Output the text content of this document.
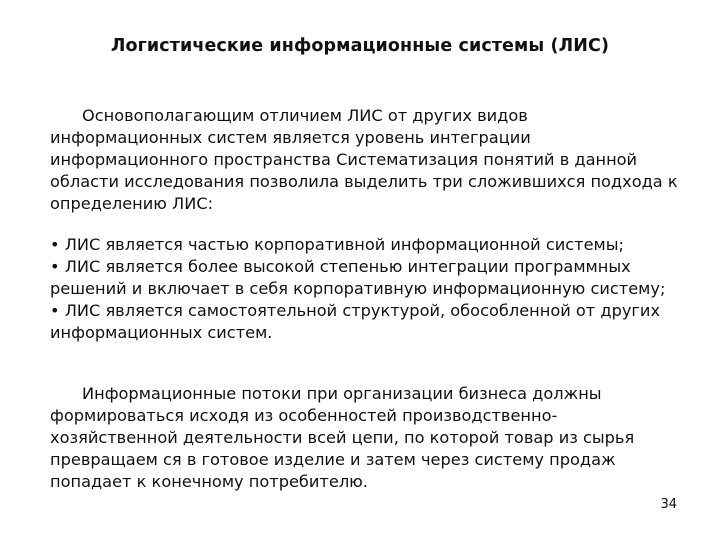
Логистические информационные системы (ЛИС)
Основополагающим отличием ЛИС от других видов
информационных систем является уровень интеграции
информационного пространства Систематизация понятий в данной
области исследования позволила выделить три сложившихся подхода к
определению ЛИС:
• ЛИС является частью корпоративной информационной системы;
• ЛИС является более высокой степенью интеграции программных
решений и включает в себя корпоративную информационную систему;
• ЛИС является самостоятельной структурой, обособленной от других
информационных систем.
Информационные потоки при организации бизнеса должны
формироваться исходя из особенностей производственно-
хозяйственной деятельности всей цепи, по которой товар из сырья
превращаем ся в готовое изделие и затем через систему продаж
попадает к конечному потребителю.
34
